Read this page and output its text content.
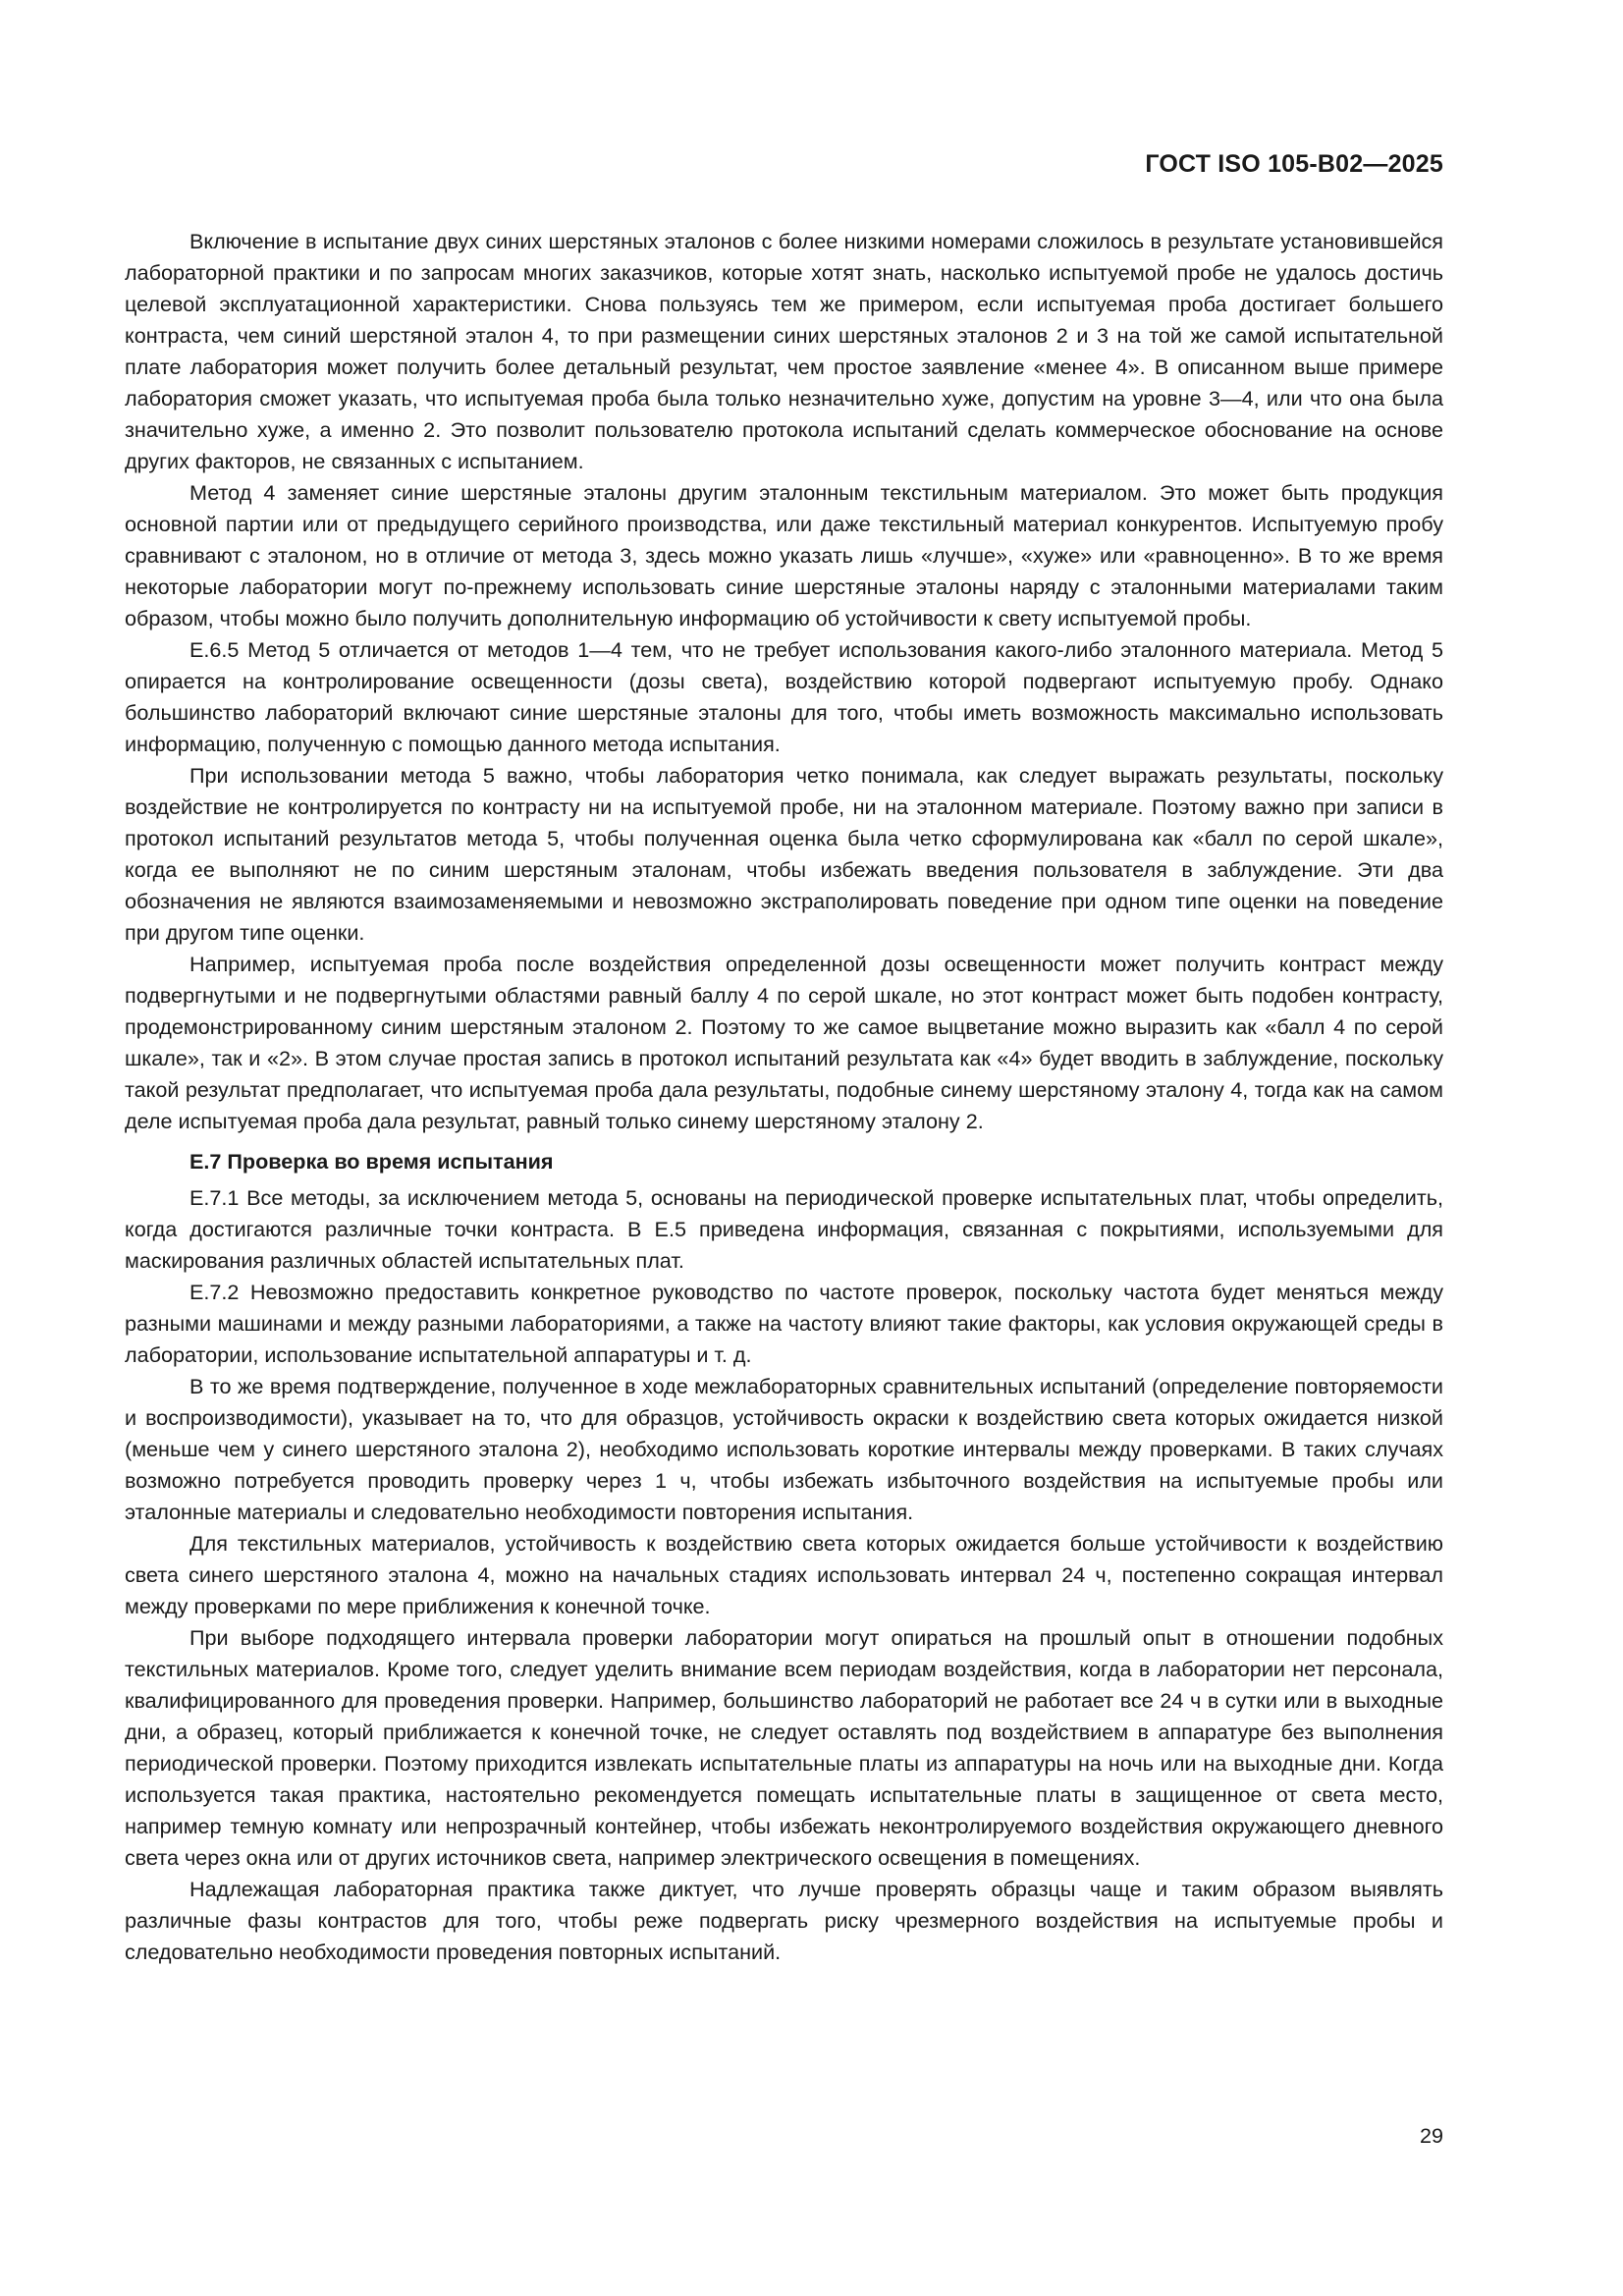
ГОСТ ISO 105-B02—2025

Включение в испытание двух синих шерстяных эталонов с более низкими номерами сложилось в результате установившейся лабораторной практики и по запросам многих заказчиков, которые хотят знать, насколько испытуемой пробе не удалось достичь целевой эксплуатационной характеристики. Снова пользуясь тем же примером, если испытуемая проба достигает большего контраста, чем синий шерстяной эталон 4, то при размещении синих шерстяных эталонов 2 и 3 на той же самой испытательной плате лаборатория может получить более детальный результат, чем простое заявление «менее 4». В описанном выше примере лаборатория сможет указать, что испытуемая проба была только незначительно хуже, допустим на уровне 3—4, или что она была значительно хуже, а именно 2. Это позволит пользователю протокола испытаний сделать коммерческое обоснование на основе других факторов, не связанных с испытанием.

Метод 4 заменяет синие шерстяные эталоны другим эталонным текстильным материалом. Это может быть продукция основной партии или от предыдущего серийного производства, или даже текстильный материал конкурентов. Испытуемую пробу сравнивают с эталоном, но в отличие от метода 3, здесь можно указать лишь «лучше», «хуже» или «равноценно». В то же время некоторые лаборатории могут по-прежнему использовать синие шерстяные эталоны наряду с эталонными материалами таким образом, чтобы можно было получить дополнительную информацию об устойчивости к свету испытуемой пробы.

Е.6.5 Метод 5 отличается от методов 1—4 тем, что не требует использования какого-либо эталонного материала. Метод 5 опирается на контролирование освещенности (дозы света), воздействию которой подвергают испытуемую пробу. Однако большинство лабораторий включают синие шерстяные эталоны для того, чтобы иметь возможность максимально использовать информацию, полученную с помощью данного метода испытания.

При использовании метода 5 важно, чтобы лаборатория четко понимала, как следует выражать результаты, поскольку воздействие не контролируется по контрасту ни на испытуемой пробе, ни на эталонном материале. Поэтому важно при записи в протокол испытаний результатов метода 5, чтобы полученная оценка была четко сформулирована как «балл по серой шкале», когда ее выполняют не по синим шерстяным эталонам, чтобы избежать введения пользователя в заблуждение. Эти два обозначения не являются взаимозаменяемыми и невозможно экстраполировать поведение при одном типе оценки на поведение при другом типе оценки.

Например, испытуемая проба после воздействия определенной дозы освещенности может получить контраст между подвергнутыми и не подвергнутыми областями равный баллу 4 по серой шкале, но этот контраст может быть подобен контрасту, продемонстрированному синим шерстяным эталоном 2. Поэтому то же самое выцветание можно выразить как «балл 4 по серой шкале», так и «2». В этом случае простая запись в протокол испытаний результата как «4» будет вводить в заблуждение, поскольку такой результат предполагает, что испытуемая проба дала результаты, подобные синему шерстяному эталону 4, тогда как на самом деле испытуемая проба дала результат, равный только синему шерстяному эталону 2.

Е.7 Проверка во время испытания

Е.7.1 Все методы, за исключением метода 5, основаны на периодической проверке испытательных плат, чтобы определить, когда достигаются различные точки контраста. В Е.5 приведена информация, связанная с покрытиями, используемыми для маскирования различных областей испытательных плат.

Е.7.2 Невозможно предоставить конкретное руководство по частоте проверок, поскольку частота будет меняться между разными машинами и между разными лабораториями, а также на частоту влияют такие факторы, как условия окружающей среды в лаборатории, использование испытательной аппаратуры и т. д.

В то же время подтверждение, полученное в ходе межлабораторных сравнительных испытаний (определение повторяемости и воспроизводимости), указывает на то, что для образцов, устойчивость окраски к воздействию света которых ожидается низкой (меньше чем у синего шерстяного эталона 2), необходимо использовать короткие интервалы между проверками. В таких случаях возможно потребуется проводить проверку через 1 ч, чтобы избежать избыточного воздействия на испытуемые пробы или эталонные материалы и следовательно необходимости повторения испытания.

Для текстильных материалов, устойчивость к воздействию света которых ожидается больше устойчивости к воздействию света синего шерстяного эталона 4, можно на начальных стадиях использовать интервал 24 ч, постепенно сокращая интервал между проверками по мере приближения к конечной точке.

При выборе подходящего интервала проверки лаборатории могут опираться на прошлый опыт в отношении подобных текстильных материалов. Кроме того, следует уделить внимание всем периодам воздействия, когда в лаборатории нет персонала, квалифицированного для проведения проверки. Например, большинство лабораторий не работает все 24 ч в сутки или в выходные дни, а образец, который приближается к конечной точке, не следует оставлять под воздействием в аппаратуре без выполнения периодической проверки. Поэтому приходится извлекать испытательные платы из аппаратуры на ночь или на выходные дни. Когда используется такая практика, настоятельно рекомендуется помещать испытательные платы в защищенное от света место, например темную комнату или непрозрачный контейнер, чтобы избежать неконтролируемого воздействия окружающего дневного света через окна или от других источников света, например электрического освещения в помещениях.

Надлежащая лабораторная практика также диктует, что лучше проверять образцы чаще и таким образом выявлять различные фазы контрастов для того, чтобы реже подвергать риску чрезмерного воздействия на испытуемые пробы и следовательно необходимости проведения повторных испытаний.

29
